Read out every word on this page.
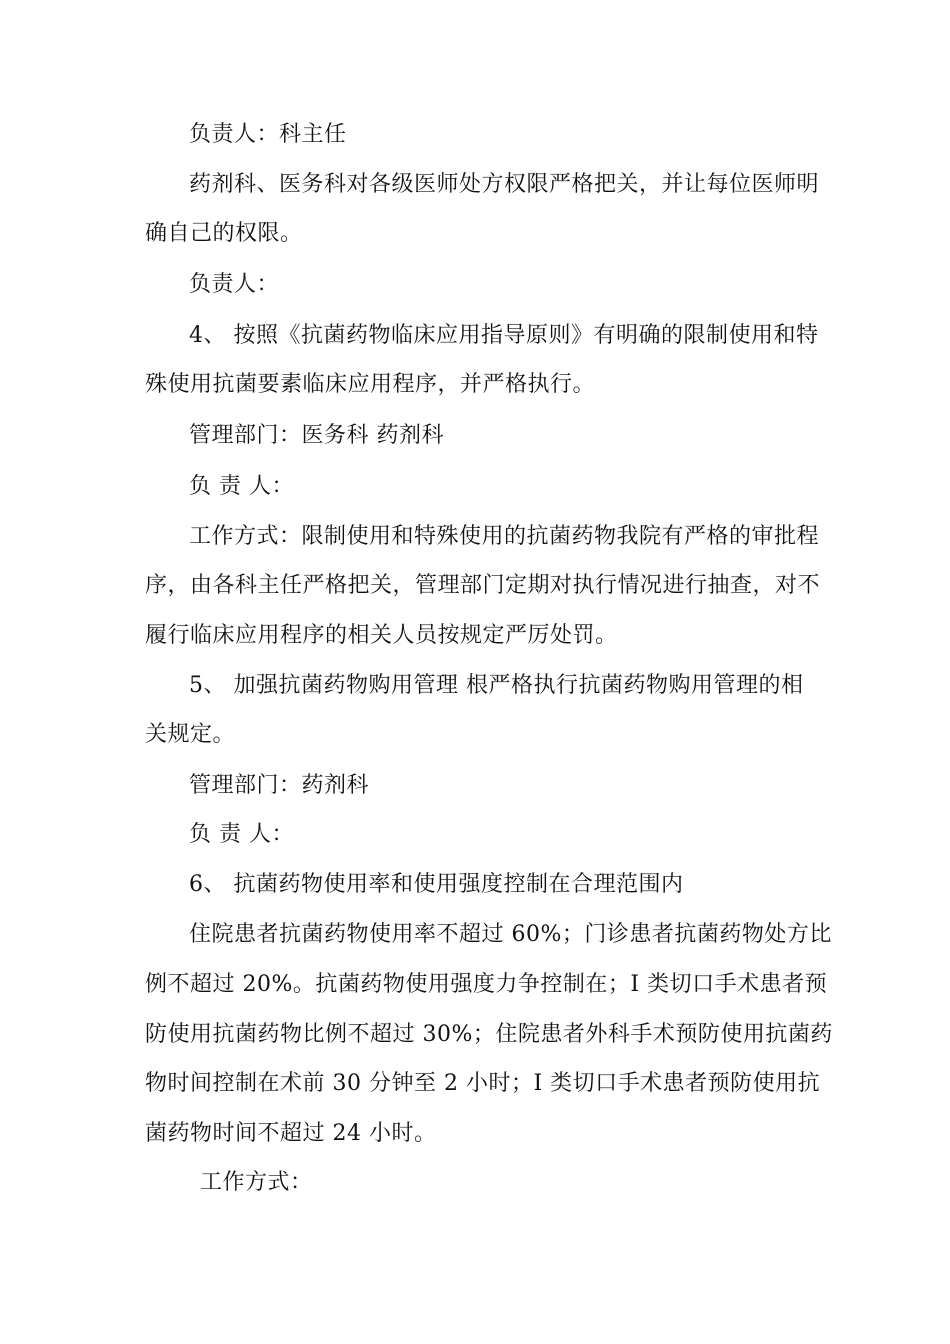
负责人：科主任
药剂科、医务科对各级医师处方权限严格把关，并让每位医师明
确自己的权限。
负责人：
4、 按照《抗菌药物临床应用指导原则》有明确的限制使用和特
殊使用抗菌要素临床应用程序，并严格执行。
管理部门：医务科 药剂科
负 责 人：
工作方式：限制使用和特殊使用的抗菌药物我院有严格的审批程
序，由各科主任严格把关，管理部门定期对执行情况进行抽查，对不
履行临床应用程序的相关人员按规定严厉处罚。
5、 加强抗菌药物购用管理 根严格执行抗菌药物购用管理的相
关规定。
管理部门：药剂科
负 责 人：
6、 抗菌药物使用率和使用强度控制在合理范围内
住院患者抗菌药物使用率不超过 60%；门诊患者抗菌药物处方比
例不超过 20%。抗菌药物使用强度力争控制在；I 类切口手术患者预
防使用抗菌药物比例不超过 30%；住院患者外科手术预防使用抗菌药
物时间控制在术前 30 分钟至 2 小时；I 类切口手术患者预防使用抗
菌药物时间不超过 24 小时。
工作方式：
